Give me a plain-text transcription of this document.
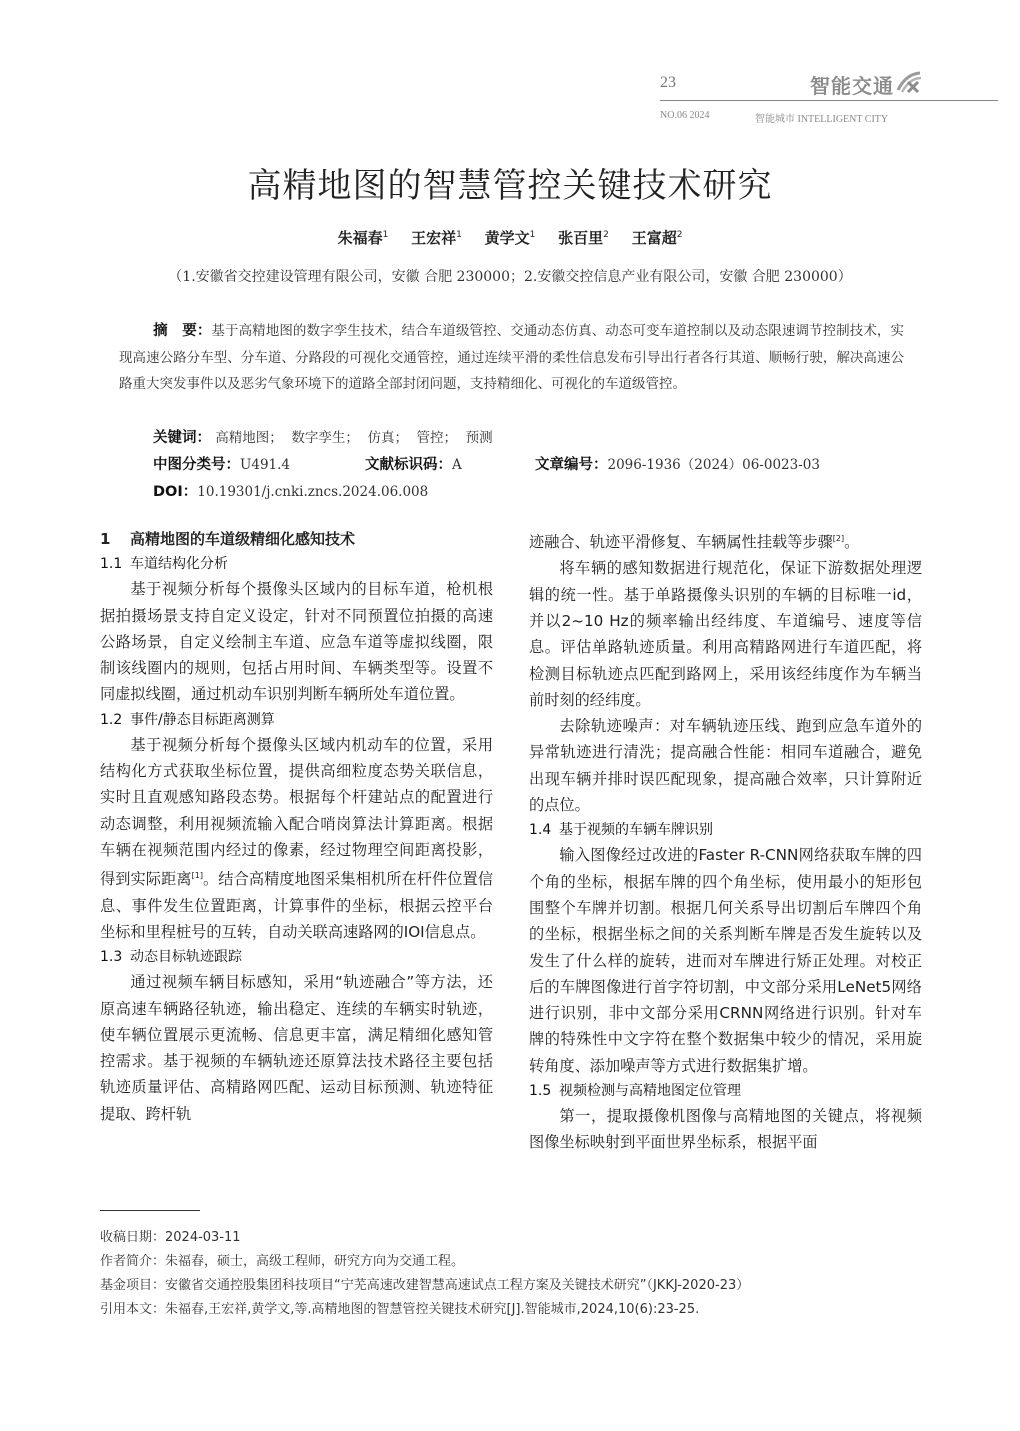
23	智能交通
NO.06 2024	智能城市 INTELLIGENT CITY
高精地图的智慧管控关键技术研究
朱福春$^1$ 王宏祥$^1$ 黄学文$^1$ 张百里$^2$ 王富超$^2$
（1.安徽省交控建设管理有限公司，安徽 合肥 230000；2.安徽交控信息产业有限公司，安徽 合肥 230000）
摘　要：基于高精地图的数字孪生技术，结合车道级管控、交通动态仿真、动态可变车道控制以及动态限速调节控制技术，实现高速公路分车型、分车道、分路段的可视化交通管控，通过连续平滑的柔性信息发布引导出行者各行其道、顺畅行驶，解决高速公路重大突发事件以及恶劣气象环境下的道路全部封闭问题，支持精细化、可视化的车道级管控。
关键词： 高精地图；  数字孪生；  仿真；  管控；  预测
中图分类号：U491.4	文献标识码：A	文章编号：2096-1936（2024）06-0023-03
DOI：10.19301/j.cnki.zncs.2024.06.008
1 高精地图的车道级精细化感知技术
1.1 车道结构化分析

基于视频分析每个摄像头区域内的目标车道，枪机根据拍摄场景支持自定义设定，针对不同预置位拍摄的高速公路场景，自定义绘制主车道、应急车道等虚拟线圈，限制该线圈内的规则，包括占用时间、车辆类型等。设置不同虚拟线圈，通过机动车识别判断车辆所处车道位置。

1.2 事件/静态目标距离测算

基于视频分析每个摄像头区域内机动车的位置，采用结构化方式获取坐标位置，提供高细粒度态势关联信息，实时且直观感知路段态势。根据每个杆建站点的配置进行动态调整，利用视频流输入配合哨岗算法计算距离。根据车辆在视频范围内经过的像素，经过物理空间距离投影，得到实际距离[1]。结合高精度地图采集相机所在杆件位置信息、事件发生位置距离，计算事件的坐标，根据云控平台坐标和里程桩号的互转，自动关联高速路网的IOI信息点。

1.3 动态目标轨迹跟踪

通过视频车辆目标感知，采用“轨迹融合”等方法，还原高速车辆路径轨迹，输出稳定、连续的车辆实时轨迹，使车辆位置展示更流畅、信息更丰富，满足精细化感知管控需求。基于视频的车辆轨迹还原算法技术路径主要包括轨迹质量评估、高精路网匹配、运动目标预测、轨迹特征提取、跨杆轨

迹融合、轨迹平滑修复、车辆属性挂载等步骤[2]。

将车辆的感知数据进行规范化，保证下游数据处理逻辑的统一性。基于单路摄像头识别的车辆的目标唯一id，并以2~10 Hz的频率输出经纬度、车道编号、速度等信息。评估单路轨迹质量。利用高精路网进行车道匹配，将检测目标轨迹点匹配到路网上，采用该经纬度作为车辆当前时刻的经纬度。

去除轨迹噪声：对车辆轨迹压线、跑到应急车道外的异常轨迹进行清洗；提高融合性能：相同车道融合，避免出现车辆并排时误匹配现象，提高融合效率，只计算附近的点位。

1.4 基于视频的车辆车牌识别

输入图像经过改进的Faster R-CNN网络获取车牌的四个角的坐标，根据车牌的四个角坐标，使用最小的矩形包围整个车牌并切割。根据几何关系导出切割后车牌四个角的坐标，根据坐标之间的关系判断车牌是否发生旋转以及发生了什么样的旋转，进而对车牌进行矫正处理。对校正后的车牌图像进行首字符切割，中文部分采用LeNet5网络进行识别，非中文部分采用CRNN网络进行识别。针对车牌的特殊性中文字符在整个数据集中较少的情况，采用旋转角度、添加噪声等方式进行数据集扩增。

1.5 视频检测与高精地图定位管理

第一，提取摄像机图像与高精地图的关键点，将视频图像坐标映射到平面世界坐标系，根据平面

收稿日期：2024-03-11
作者简介：朱福春，硕士，高级工程师，研究方向为交通工程。
基金项目：安徽省交通控股集团科技项目“宁芜高速改建智慧高速试点工程方案及关键技术研究”（JKKJ-2020-23）
引用本文：朱福春,王宏祥,黄学文,等.高精地图的智慧管控关键技术研究[J].智能城市,2024,10(6):23-25.
